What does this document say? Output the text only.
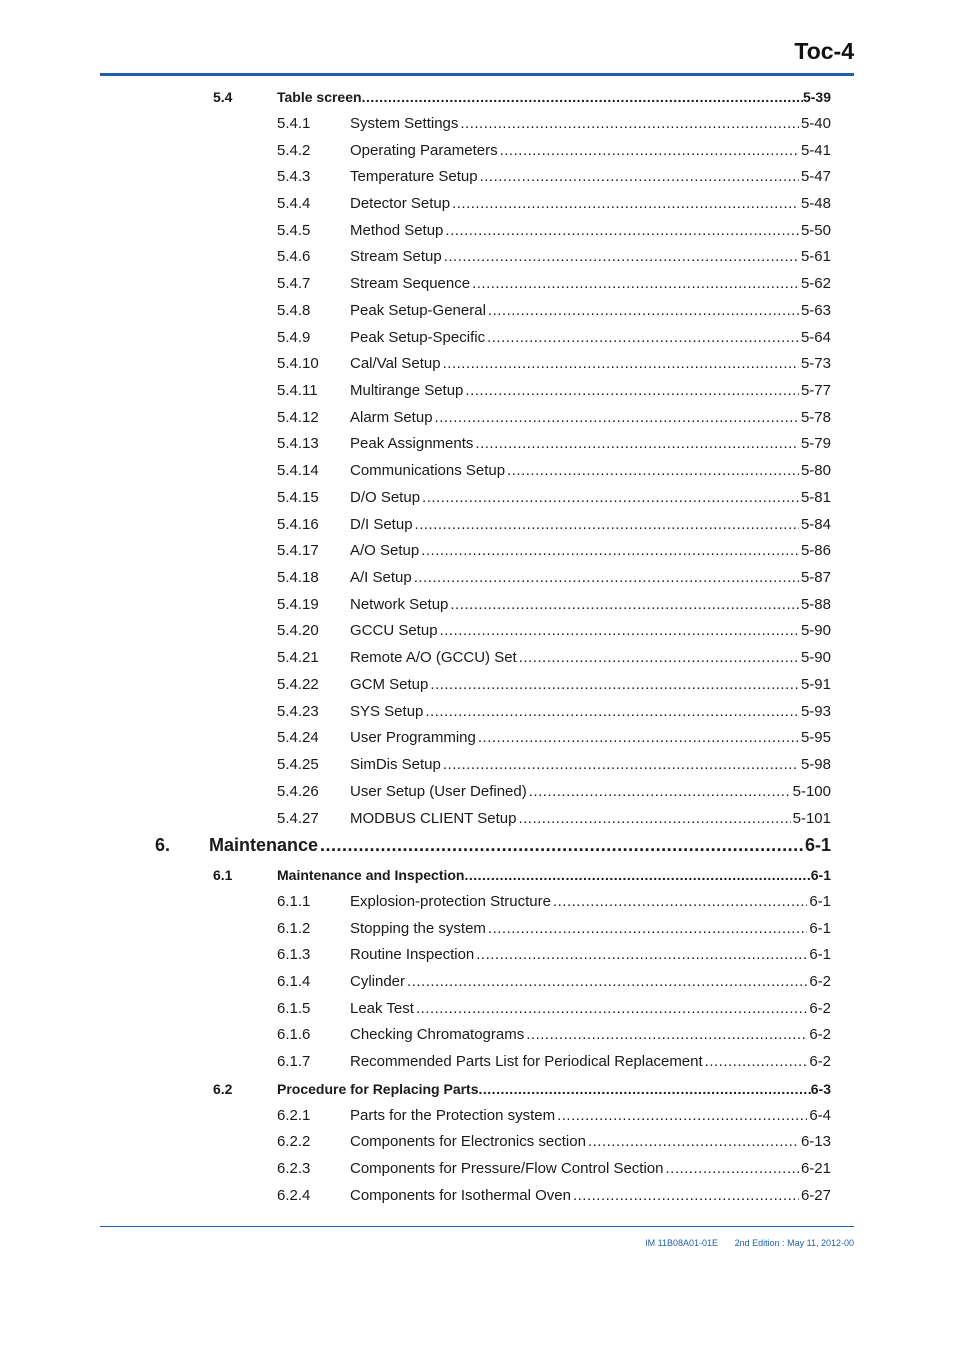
Toc-4
5.4	Table screen .....	5-39
5.4.1	System Settings .....	5-40
5.4.2	Operating Parameters .....	5-41
5.4.3	Temperature Setup .....	5-47
5.4.4	Detector Setup .....	5-48
5.4.5	Method Setup .....	5-50
5.4.6	Stream Setup .....	5-61
5.4.7	Stream Sequence .....	5-62
5.4.8	Peak Setup-General .....	5-63
5.4.9	Peak Setup-Specific .....	5-64
5.4.10 Cal/Val Setup .....	5-73
5.4.11 Multirange Setup .....	5-77
5.4.12 Alarm Setup .....	5-78
5.4.13 Peak Assignments .....	5-79
5.4.14 Communications Setup .....	5-80
5.4.15 D/O Setup .....	5-81
5.4.16 D/I Setup .....	5-84
5.4.17 A/O Setup .....	5-86
5.4.18 A/I Setup .....	5-87
5.4.19 Network Setup .....	5-88
5.4.20 GCCU Setup .....	5-90
5.4.21 Remote A/O (GCCU) Set .....	5-90
5.4.22 GCM Setup .....	5-91
5.4.23 SYS Setup .....	5-93
5.4.24 User Programming .....	5-95
5.4.25 SimDis Setup .....	5-98
5.4.26 User Setup (User Defined) .....	5-100
5.4.27 MODBUS CLIENT Setup .....	5-101
6. Maintenance .....	6-1
6.1	Maintenance and Inspection .....	6-1
6.1.1	Explosion-protection Structure .....	6-1
6.1.2	Stopping the system .....	6-1
6.1.3	Routine Inspection .....	6-1
6.1.4	Cylinder .....	6-2
6.1.5	Leak Test .....	6-2
6.1.6	Checking Chromatograms .....	6-2
6.1.7	Recommended Parts List for Periodical Replacement .....	6-2
6.2	Procedure for Replacing Parts .....	6-3
6.2.1	Parts for the Protection system .....	6-4
6.2.2	Components for Electronics section .....	6-13
6.2.3	Components for Pressure/Flow Control Section .....	6-21
6.2.4	Components for Isothermal Oven .....	6-27
IM 11B08A01-01E 2nd Edition : May 11, 2012-00
